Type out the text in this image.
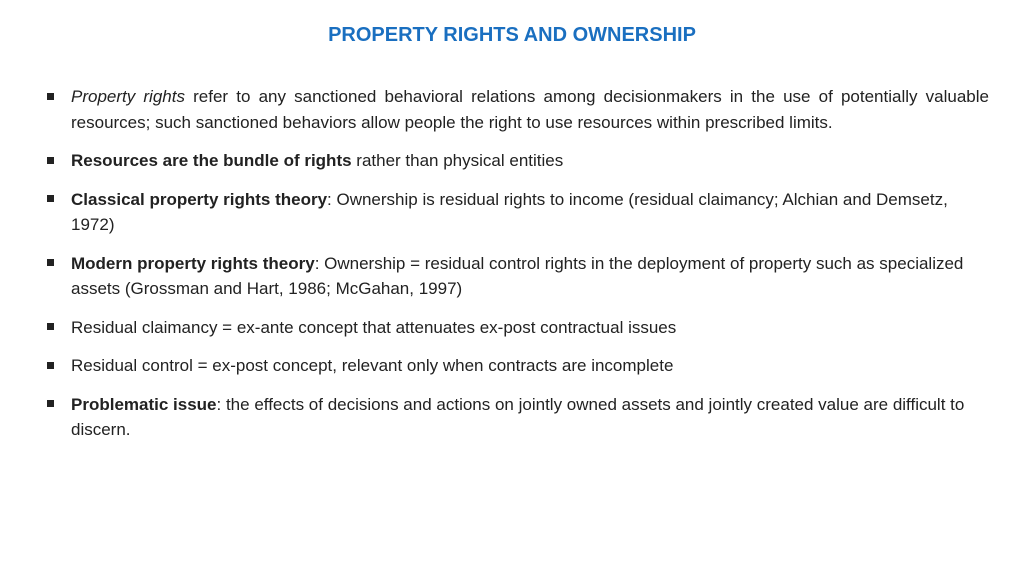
PROPERTY RIGHTS AND OWNERSHIP
Property rights refer to any sanctioned behavioral relations among decisionmakers in the use of potentially valuable resources; such sanctioned behaviors allow people the right to use resources within prescribed limits.
Resources are the bundle of rights rather than physical entities
Classical property rights theory: Ownership is residual rights to income (residual claimancy; Alchian and Demsetz, 1972)
Modern property rights theory: Ownership = residual control rights in the deployment of property such as specialized assets (Grossman and Hart, 1986; McGahan, 1997)
Residual claimancy = ex-ante concept that attenuates ex-post contractual issues
Residual control = ex-post concept, relevant only when contracts are incomplete
Problematic issue: the effects of decisions and actions on jointly owned assets and jointly created value are difficult to discern.
